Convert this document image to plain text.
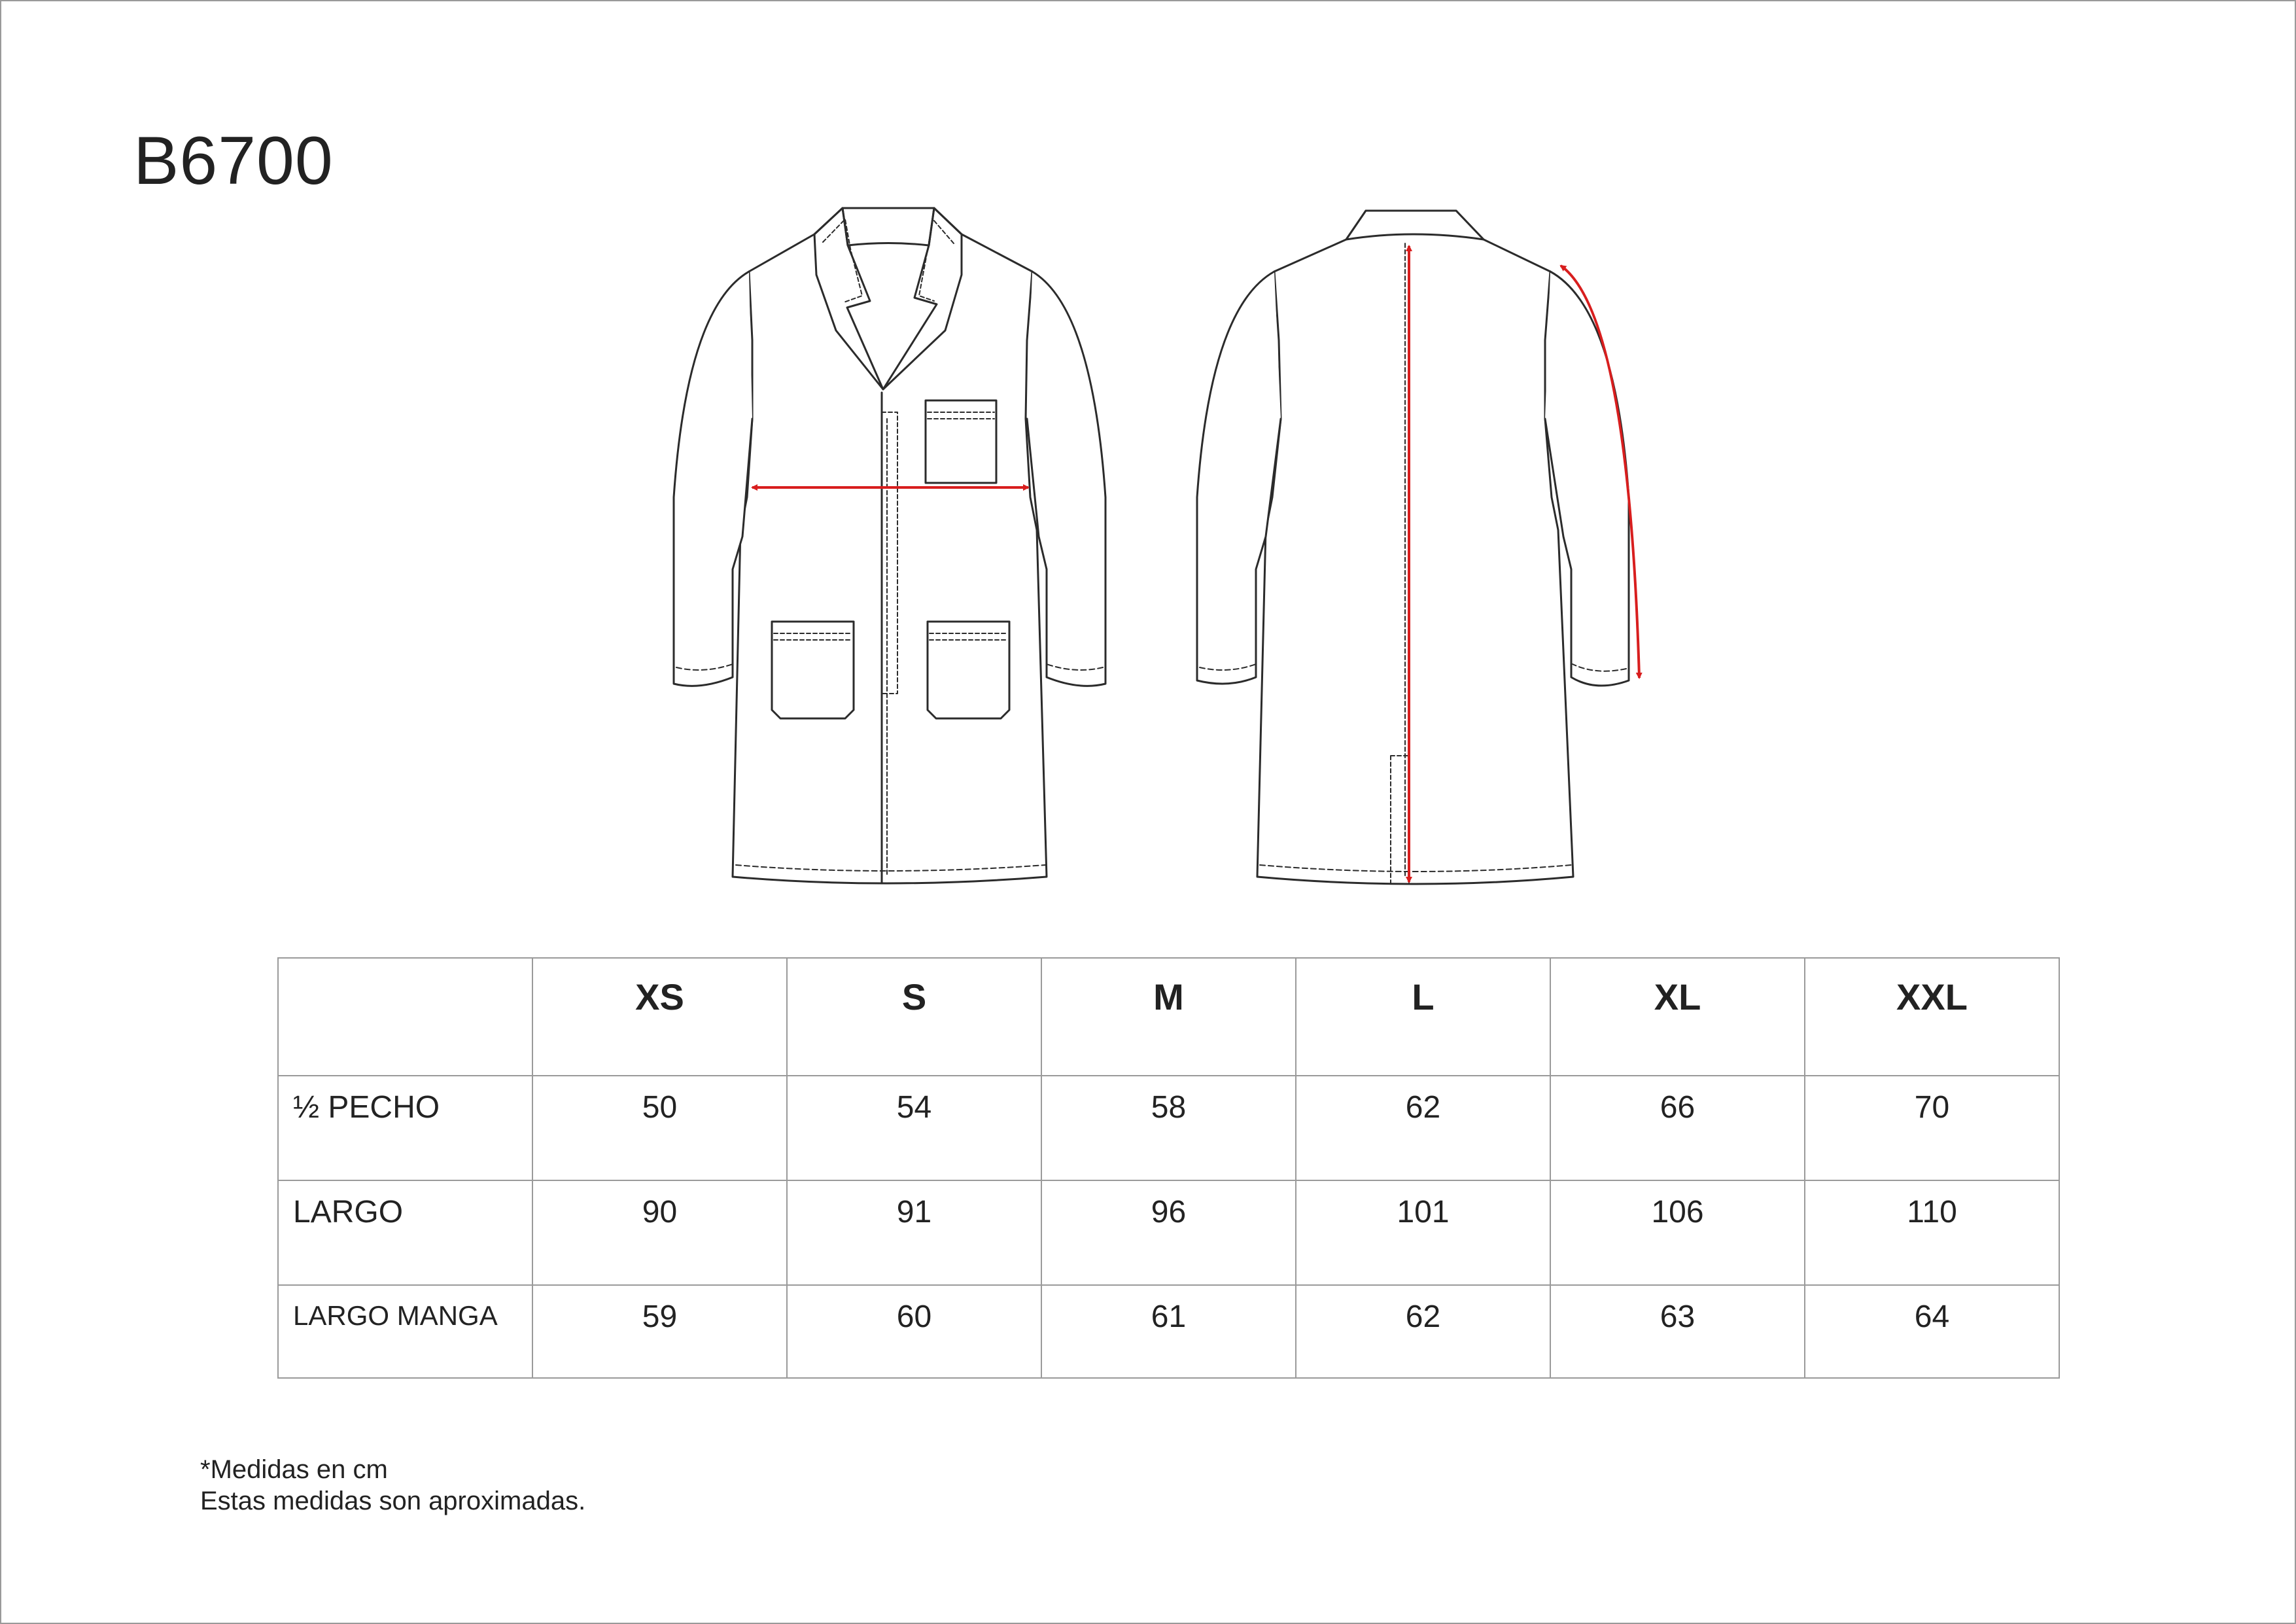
B6700

	XS	S	M	L	XL	XXL

½ PECHO	50	54	58	62	66	70

LARGO	90	91	96	101	106	110

LARGO MANGA	59	60	61	62	63	64
*Medidas en cm
Estas medidas son aproximadas.
